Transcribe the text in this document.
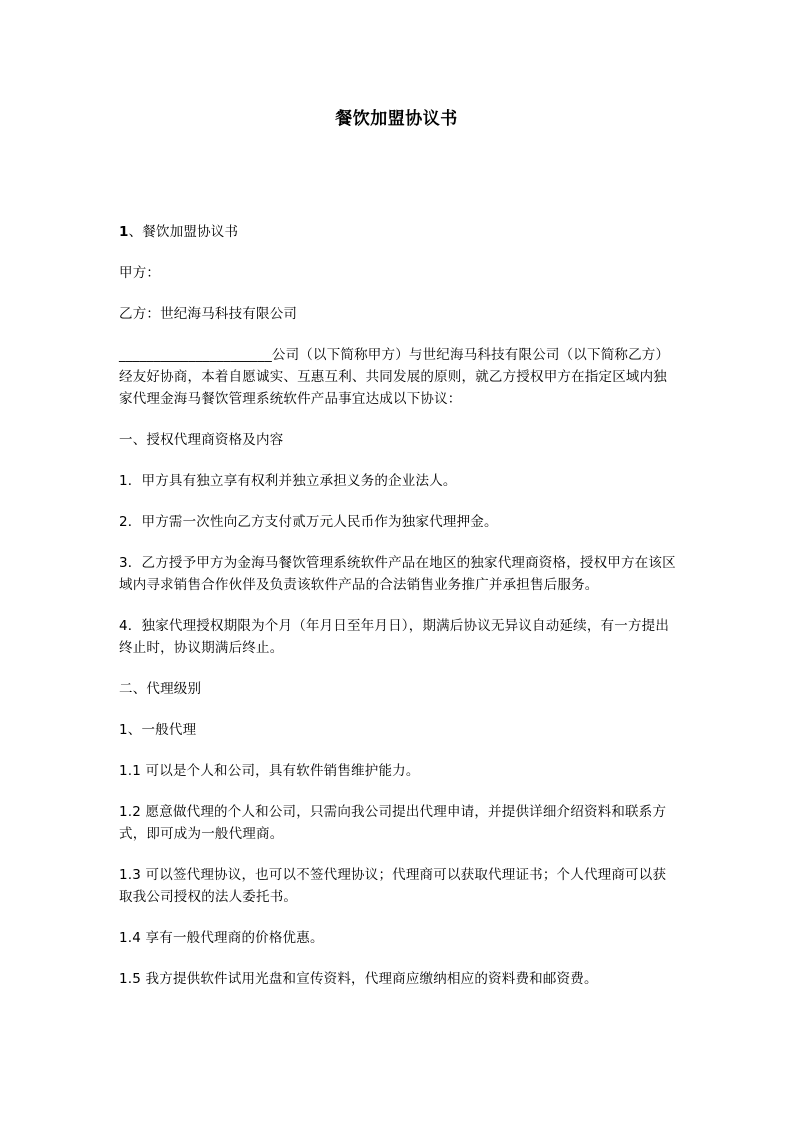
餐饮加盟协议书

1、餐饮加盟协议书

甲方：

乙方：世纪海马科技有限公司

______________________公司（以下简称甲方）与世纪海马科技有限公司（以下简称乙方）经友好协商，本着自愿诚实、互惠互利、共同发展的原则，就乙方授权甲方在指定区域内独家代理金海马餐饮管理系统软件产品事宜达成以下协议：

一、授权代理商资格及内容

1．甲方具有独立享有权利并独立承担义务的企业法人。

2．甲方需一次性向乙方支付贰万元人民币作为独家代理押金。

3．乙方授予甲方为金海马餐饮管理系统软件产品在地区的独家代理商资格，授权甲方在该区域内寻求销售合作伙伴及负责该软件产品的合法销售业务推广并承担售后服务。

4．独家代理授权期限为个月（年月日至年月日），期满后协议无异议自动延续，有一方提出终止时，协议期满后终止。

二、代理级别

1、一般代理

1.1 可以是个人和公司，具有软件销售维护能力。

1.2 愿意做代理的个人和公司，只需向我公司提出代理申请，并提供详细介绍资料和联系方式，即可成为一般代理商。

1.3 可以签代理协议，也可以不签代理协议；代理商可以获取代理证书；个人代理商可以获取我公司授权的法人委托书。

1.4 享有一般代理商的价格优惠。

1.5 我方提供软件试用光盘和宣传资料，代理商应缴纳相应的资料费和邮资费。
